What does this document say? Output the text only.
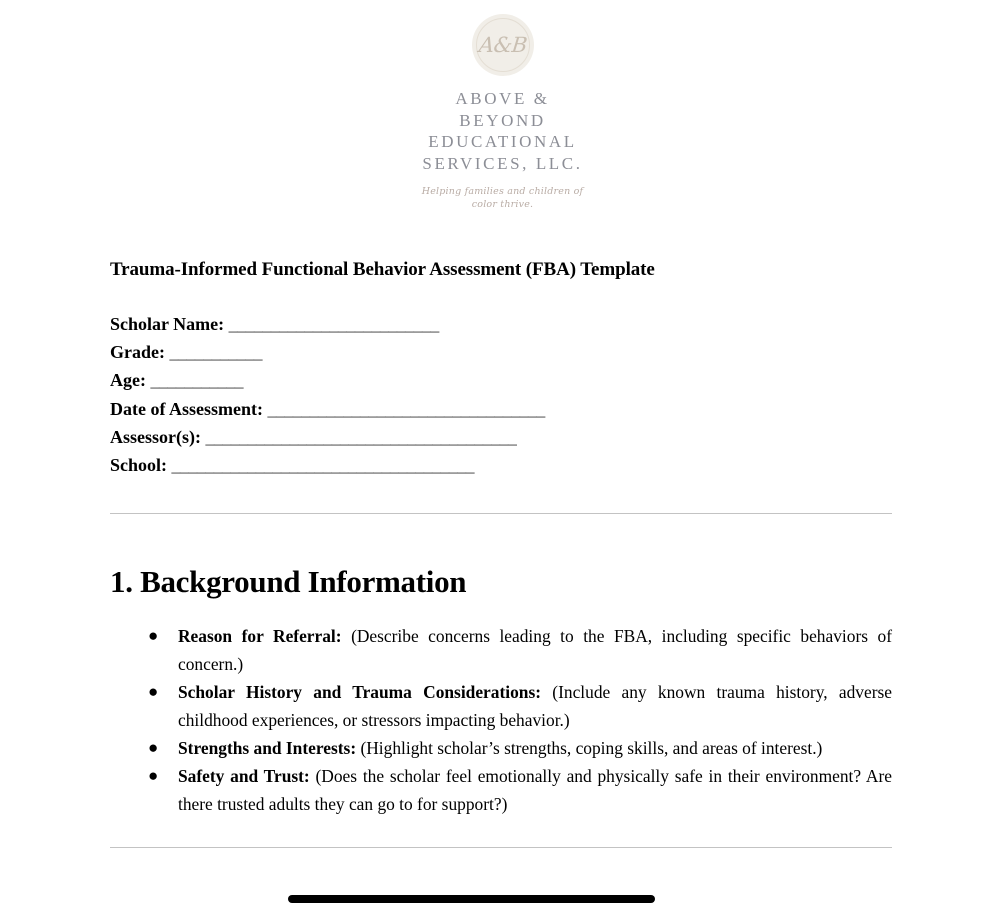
A&B
ABOVE &
BEYOND
EDUCATIONAL
SERVICES, LLC.
Helping families and children of
color thrive.
Trauma-Informed Functional Behavior Assessment (FBA) Template
Scholar Name: _________________________
Grade: ___________
Age: ___________
Date of Assessment: _________________________________
Assessor(s): _____________________________________
School: ____________________________________
1. Background Information
● Reason for Referral: (Describe concerns leading to the FBA, including specific behaviors of concern.)
● Scholar History and Trauma Considerations: (Include any known trauma history, adverse childhood experiences, or stressors impacting behavior.)
● Strengths and Interests: (Highlight scholar’s strengths, coping skills, and areas of interest.)
● Safety and Trust: (Does the scholar feel emotionally and physically safe in their environment? Are there trusted adults they can go to for support?)
